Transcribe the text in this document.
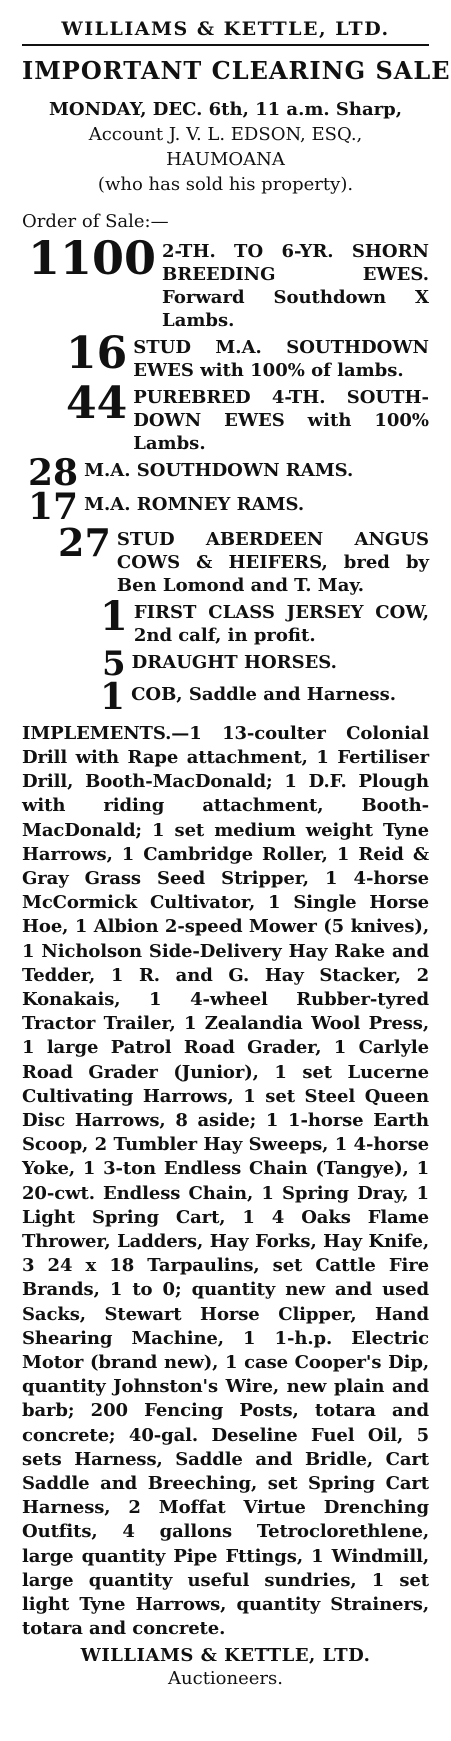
WILLIAMS & KETTLE, LTD.
IMPORTANT CLEARING SALE
MONDAY, DEC. 6th, 11 a.m. Sharp,
Account J. V. L. EDSON, ESQ.,
HAUMOANA
(who has sold his property).
Order of Sale:—
1100 2-TH. TO 6-YR. SHORN BREEDING EWES. Forward Southdown X Lambs.
16 STUD M.A. SOUTHDOWN EWES with 100% of lambs.
44 PUREBRED 4-TH. SOUTH-DOWN EWES with 100% Lambs.
28 M.A. SOUTHDOWN RAMS.
17 M.A. ROMNEY RAMS.
27 STUD ABERDEEN ANGUS COWS & HEIFERS, bred by Ben Lomond and T. May.
1 FIRST CLASS JERSEY COW, 2nd calf, in profit.
5 DRAUGHT HORSES.
1 COB, Saddle and Harness.
IMPLEMENTS.—1 13-coulter Colonial Drill with Rape attachment, 1 Fertiliser Drill, Booth-MacDonald; 1 D.F. Plough with riding attachment, Booth-MacDonald; 1 set medium weight Tyne Harrows, 1 Cambridge Roller, 1 Reid & Gray Grass Seed Stripper, 1 4-horse McCormick Cultivator, 1 Single Horse Hoe, 1 Albion 2-speed Mower (5 knives), 1 Nicholson Side-Delivery Hay Rake and Tedder, 1 R. and G. Hay Stacker, 2 Konakais, 1 4-wheel Rubber-tyred Tractor Trailer, 1 Zealandia Wool Press, 1 large Patrol Road Grader, 1 Carlyle Road Grader (Junior), 1 set Lucerne Cultivating Harrows, 1 set Steel Queen Disc Harrows, 8 aside; 1 1-horse Earth Scoop, 2 Tumbler Hay Sweeps, 1 4-horse Yoke, 1 3-ton Endless Chain (Tangye), 1 20-cwt. Endless Chain, 1 Spring Dray, 1 Light Spring Cart, 1 4 Oaks Flame Thrower, Ladders, Hay Forks, Hay Knife, 3 24 x 18 Tarpaulins, set Cattle Fire Brands, 1 to 0; quantity new and used Sacks, Stewart Horse Clipper, Hand Shearing Machine, 1 1-h.p. Electric Motor (brand new), 1 case Cooper's Dip, quantity Johnston's Wire, new plain and barb; 200 Fencing Posts, totara and concrete; 40-gal. Deseline Fuel Oil, 5 sets Harness, Saddle and Bridle, Cart Saddle and Breeching, set Spring Cart Harness, 2 Moffat Virtue Drenching Outfits, 4 gallons Tetroclorethlene, large quantity Pipe Fttings, 1 Windmill, large quantity useful sundries, 1 set light Tyne Harrows, quantity Strainers, totara and concrete.
WILLIAMS & KETTLE, LTD.
Auctioneers.
